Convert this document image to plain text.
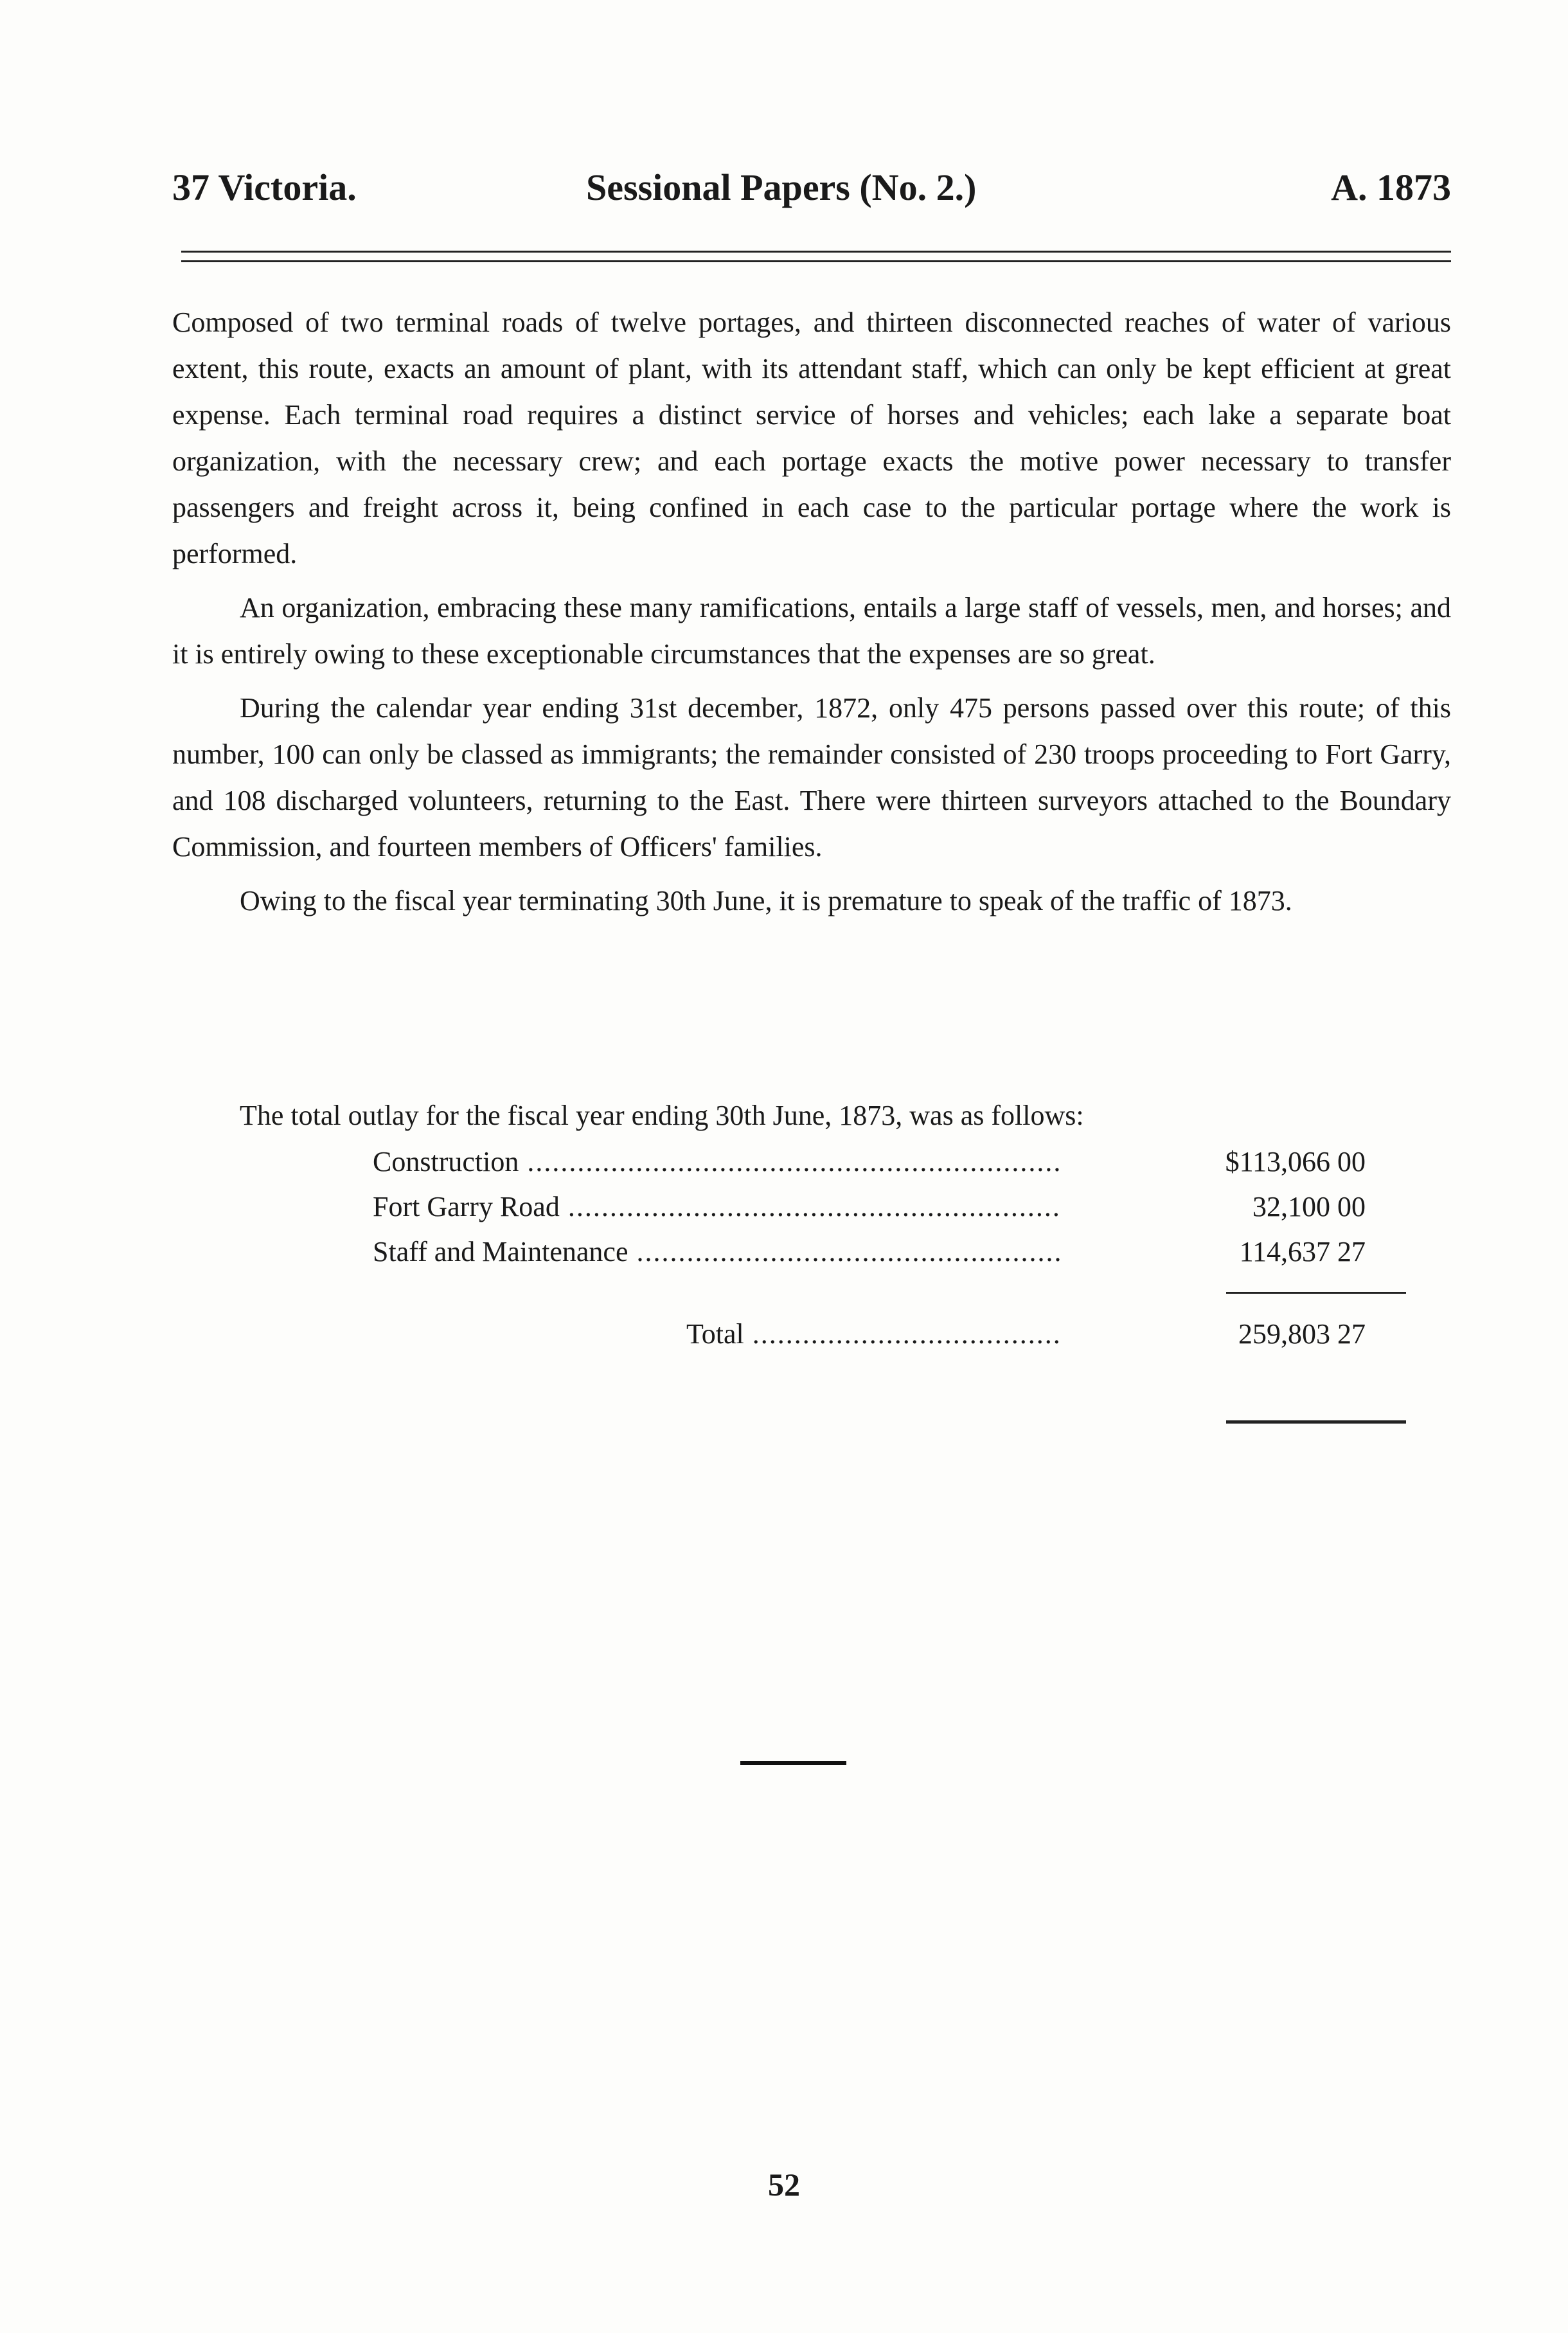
37 Victoria.	Sessional Papers (No. 2.)	A. 1873

Composed of two terminal roads of twelve portages, and thirteen disconnected reaches of water of various extent, this route, exacts an amount of plant, with its attendant staff, which can only be kept efficient at great expense. Each terminal road requires a distinct service of horses and vehicles; each lake a separate boat organization, with the necessary crew; and each portage exacts the motive power necessary to transfer passengers and freight across it, being confined in each case to the particular portage where the work is performed.

An organization, embracing these many ramifications, entails a large staff of vessels, men, and horses; and it is entirely owing to these exceptionable circumstances that the expenses are so great.

During the calendar year ending 31st december, 1872, only 475 persons passed over this route; of this number, 100 can only be classed as immigrants; the remainder consisted of 230 troops proceeding to Fort Garry, and 108 discharged volunteers, returning to the East. There were thirteen surveyors attached to the Boundary Commission, and fourteen members of Officers' families.

Owing to the fiscal year terminating 30th June, it is premature to speak of the traffic of 1873.

The total outlay for the fiscal year ending 30th June, 1873, was as follows:

Construction .....	$113,066 00
Fort Garry Road .....	32,100 00
Staff and Maintenance .....	114,637 27
Total .....	259,803 27
52
